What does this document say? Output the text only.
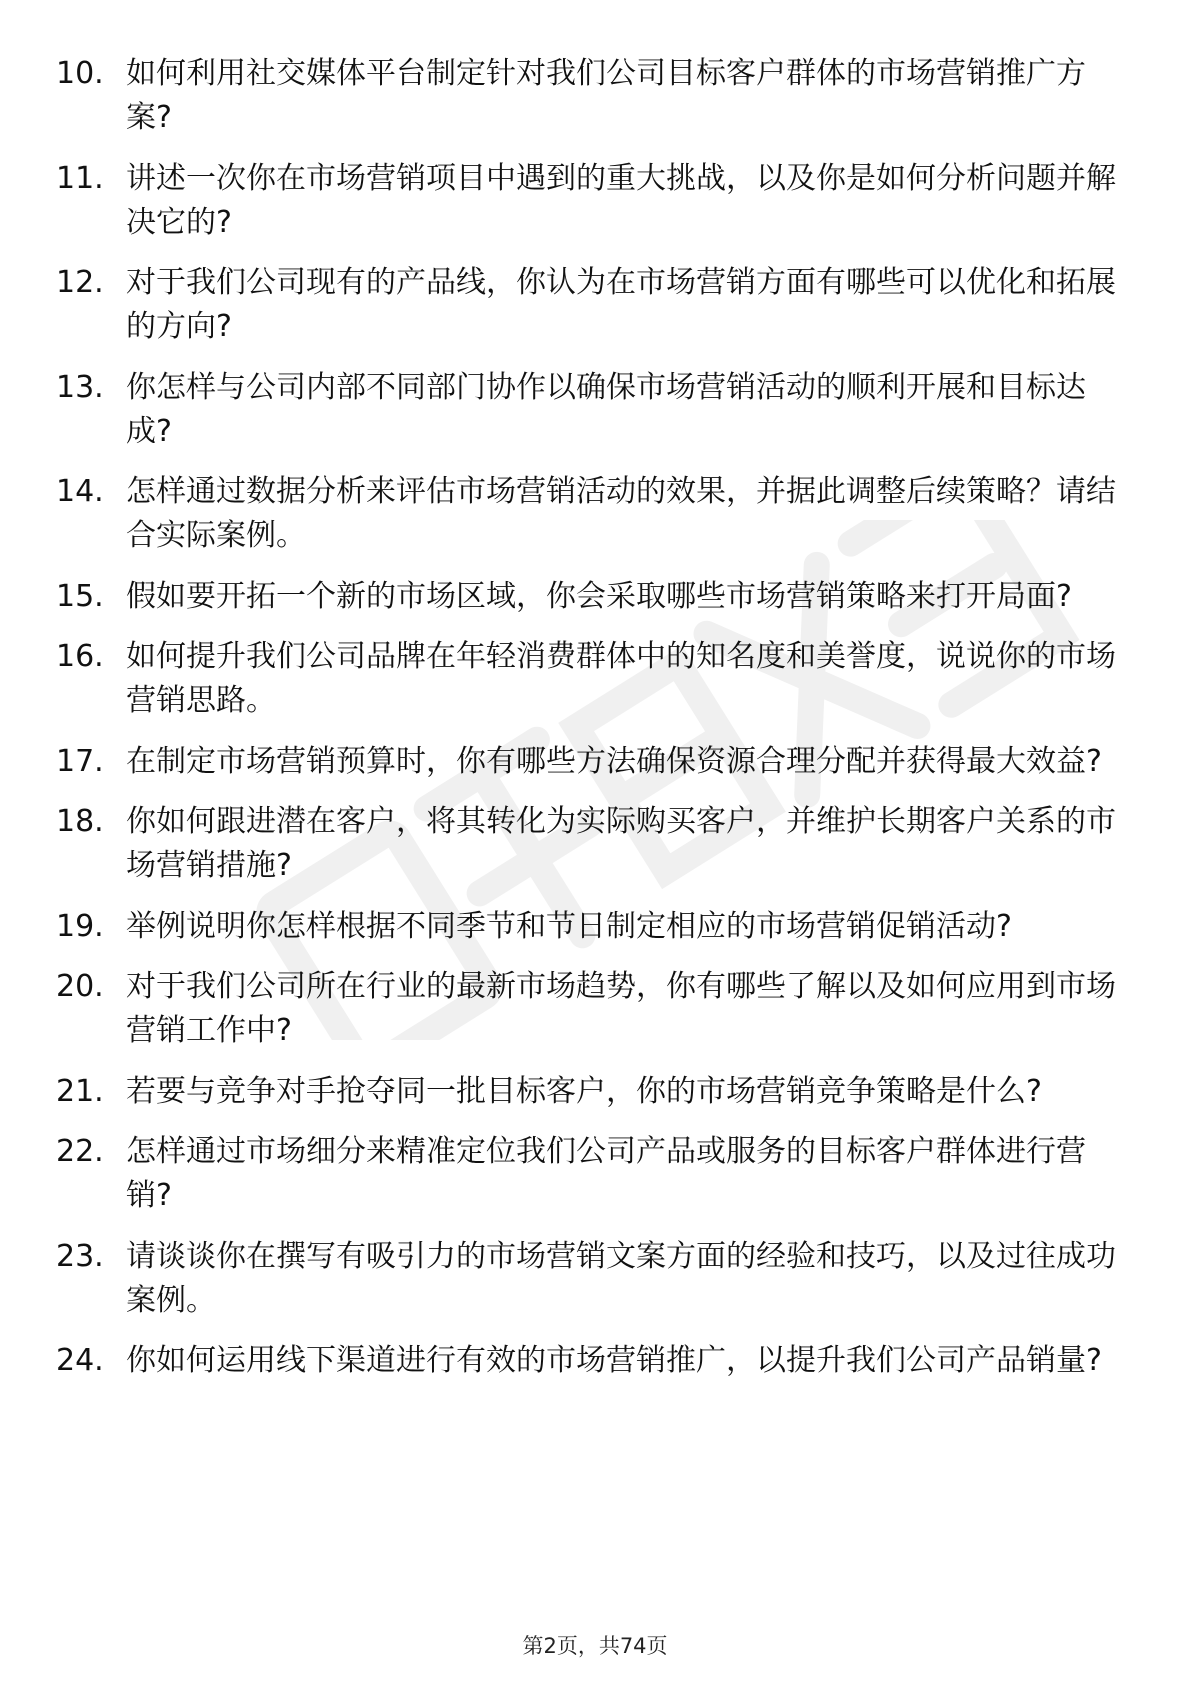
10. 如何利用社交媒体平台制定针对我们公司目标客户群体的市场营销推广方案?
11. 讲述一次你在市场营销项目中遇到的重大挑战，以及你是如何分析问题并解决它的?
12. 对于我们公司现有的产品线，你认为在市场营销方面有哪些可以优化和拓展的方向?
13. 你怎样与公司内部不同部门协作以确保市场营销活动的顺利开展和目标达成?
14. 怎样通过数据分析来评估市场营销活动的效果，并据此调整后续策略？请结合实际案例。
15. 假如要开拓一个新的市场区域，你会采取哪些市场营销策略来打开局面?
16. 如何提升我们公司品牌在年轻消费群体中的知名度和美誉度，说说你的市场营销思路。
17. 在制定市场营销预算时，你有哪些方法确保资源合理分配并获得最大效益?
18. 你如何跟进潜在客户，将其转化为实际购买客户，并维护长期客户关系的市场营销措施?
19. 举例说明你怎样根据不同季节和节日制定相应的市场营销促销活动?
20. 对于我们公司所在行业的最新市场趋势，你有哪些了解以及如何应用到市场营销工作中?
21. 若要与竞争对手抢夺同一批目标客户，你的市场营销竞争策略是什么?
22. 怎样通过市场细分来精准定位我们公司产品或服务的目标客户群体进行营销?
23. 请谈谈你在撰写有吸引力的市场营销文案方面的经验和技巧，以及过往成功案例。
24. 你如何运用线下渠道进行有效的市场营销推广，以提升我们公司产品销量?
第2页，共74页
